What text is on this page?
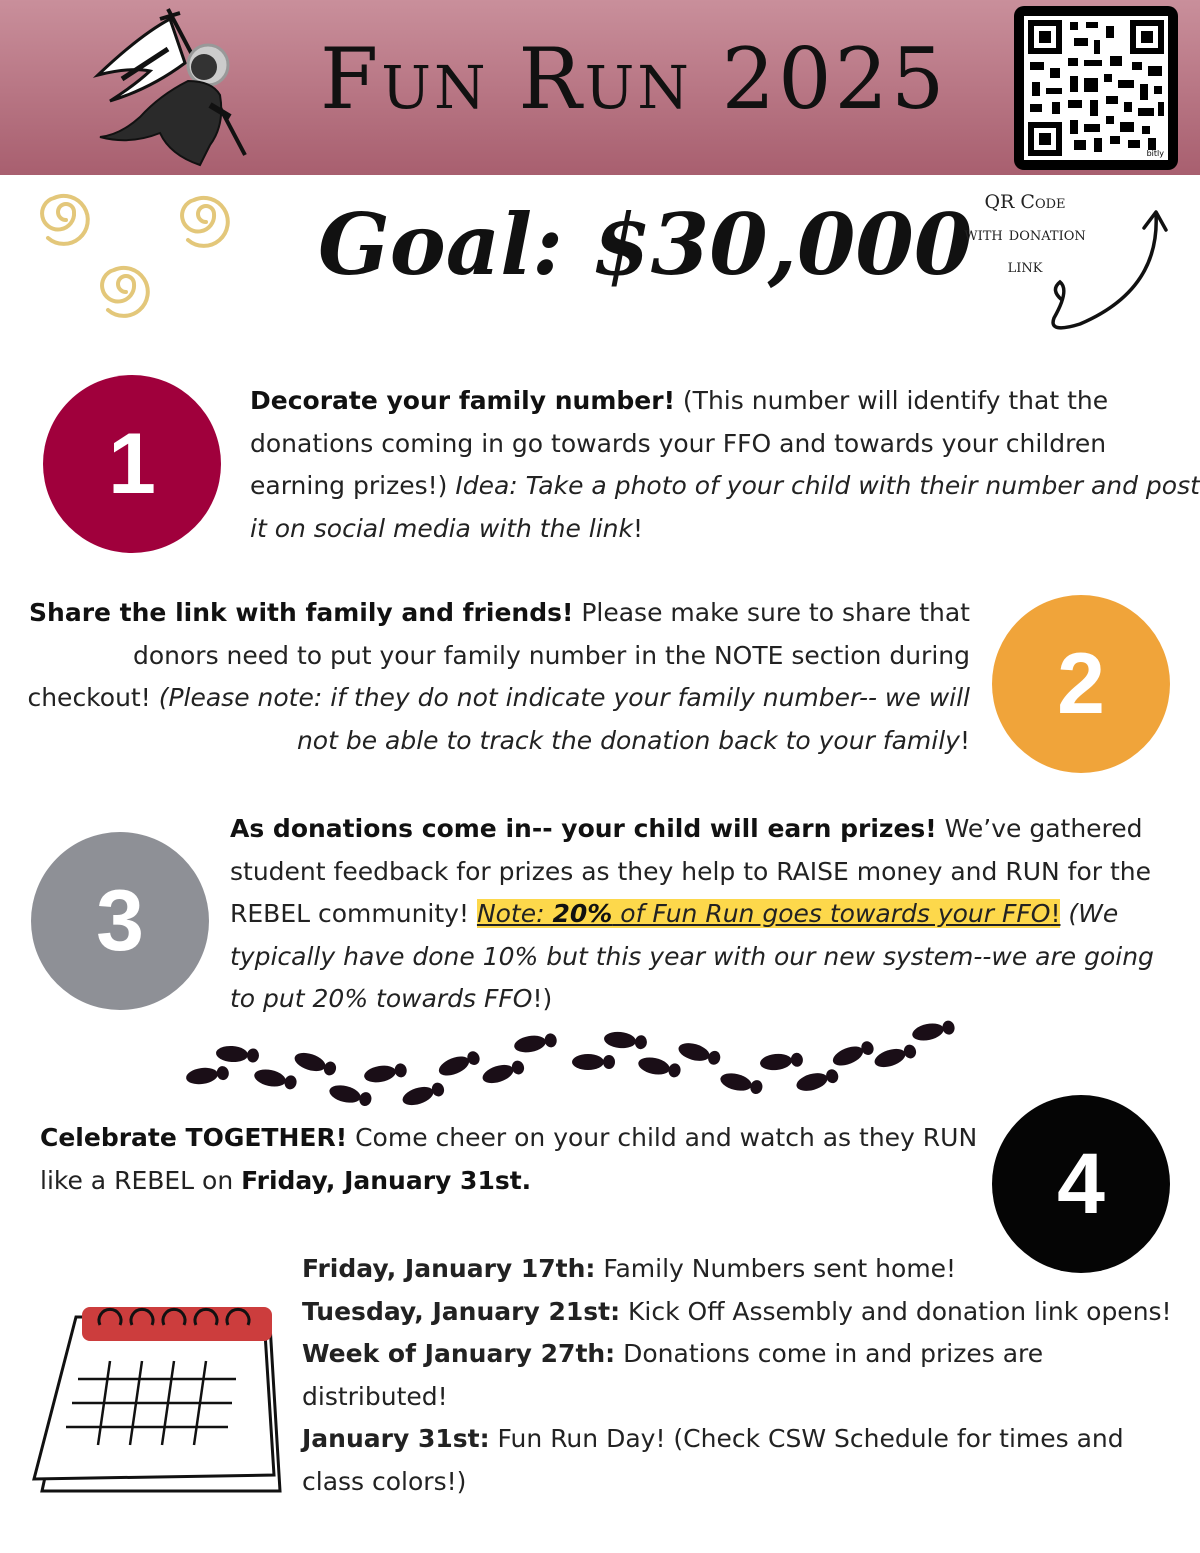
Fun Run 2025
bitly
Goal: $30,000 QR Code
with donation
link
1
Decorate your family number! (This number will identify that the donations coming in go towards your FFO and towards your children earning prizes!) Idea: Take a photo of your child with their number and post it on social media with the link!
2
Share the link with family and friends! Please make sure to share that donors need to put your family number in the NOTE section during checkout! (Please note: if they do not indicate your family number-- we will not be able to track the donation back to your family!
3
As donations come in-- your child will earn prizes! We’ve gathered student feedback for prizes as they help to RAISE money and RUN for the REBEL community! Note: 20% of Fun Run goes towards your FFO! (We typically have done 10% but this year with our new system--we are going to put 20% towards FFO!)
4
Celebrate TOGETHER! Come cheer on your child and watch as they RUN like a REBEL on Friday, January 31st.

Friday, January 17th: Family Numbers sent home!

Tuesday, January 21st: Kick Off Assembly and donation link opens!

Week of January 27th: Donations come in and prizes are distributed!

January 31st: Fun Run Day! (Check CSW Schedule for times and class colors!)
